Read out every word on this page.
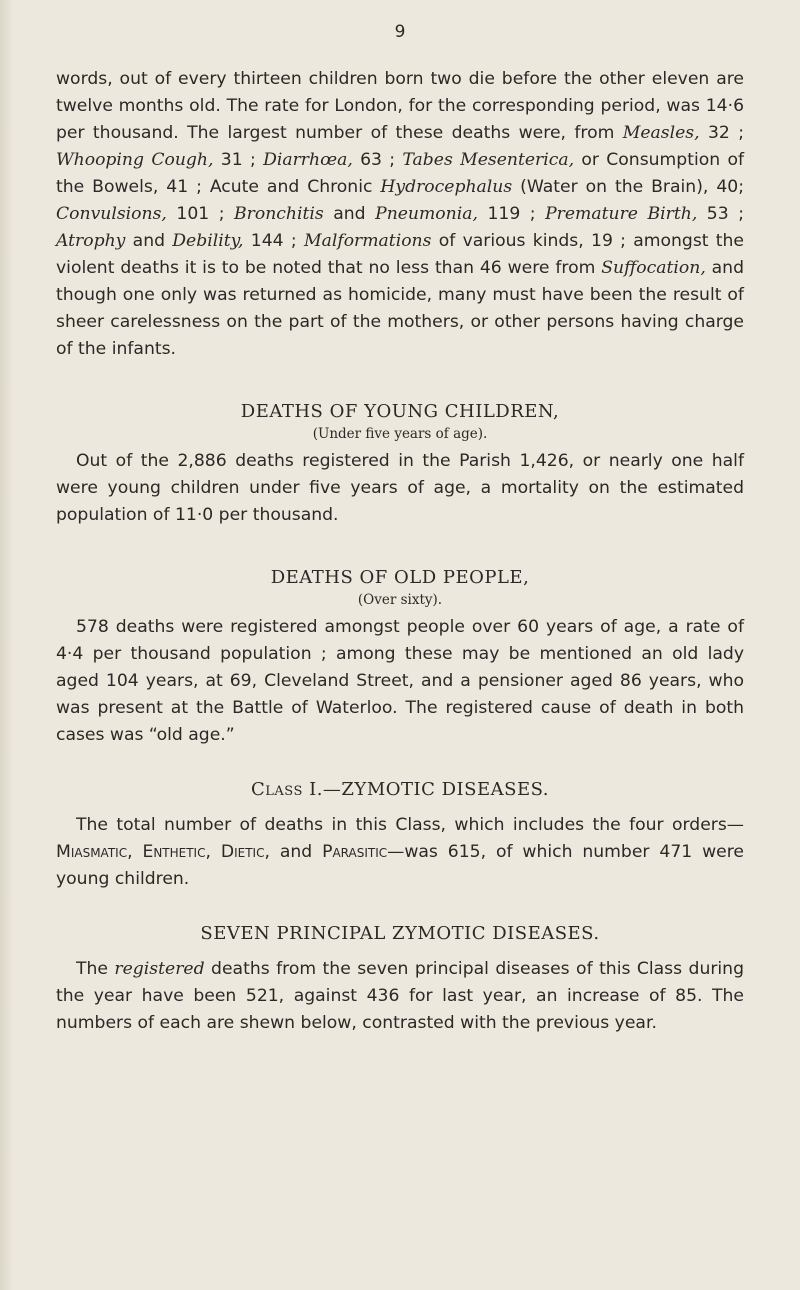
9

words, out of every thirteen children born two die before the other eleven are twelve months old. The rate for London, for the corresponding period, was 14·6 per thousand. The largest number of these deaths were, from Measles, 32 ; Whooping Cough, 31 ; Diarrhœa, 63 ; Tabes Mesenterica, or Consumption of the Bowels, 41 ; Acute and Chronic Hydrocephalus (Water on the Brain), 40; Convulsions, 101 ; Bronchitis and Pneumonia, 119 ; Premature Birth, 53 ; Atrophy and Debility, 144 ; Malformations of various kinds, 19 ; amongst the violent deaths it is to be noted that no less than 46 were from Suffocation, and though one only was returned as homicide, many must have been the result of sheer carelessness on the part of the mothers, or other persons having charge of the infants.

DEATHS OF YOUNG CHILDREN,
(Under five years of age).

Out of the 2,886 deaths registered in the Parish 1,426, or nearly one half were young children under five years of age, a mortality on the estimated population of 11·0 per thousand.

DEATHS OF OLD PEOPLE,
(Over sixty).

578 deaths were registered amongst people over 60 years of age, a rate of 4·4 per thousand population ; among these may be mentioned an old lady aged 104 years, at 69, Cleveland Street, and a pensioner aged 86 years, who was present at the Battle of Waterloo. The registered cause of death in both cases was “old age.”

Class I.—ZYMOTIC DISEASES.

The total number of deaths in this Class, which includes the four orders—Miasmatic, Enthetic, Dietic, and Parasitic—was 615, of which number 471 were young children.

SEVEN PRINCIPAL ZYMOTIC DISEASES.

The registered deaths from the seven principal diseases of this Class during the year have been 521, against 436 for last year, an increase of 85. The numbers of each are shewn below, contrasted with the previous year.
